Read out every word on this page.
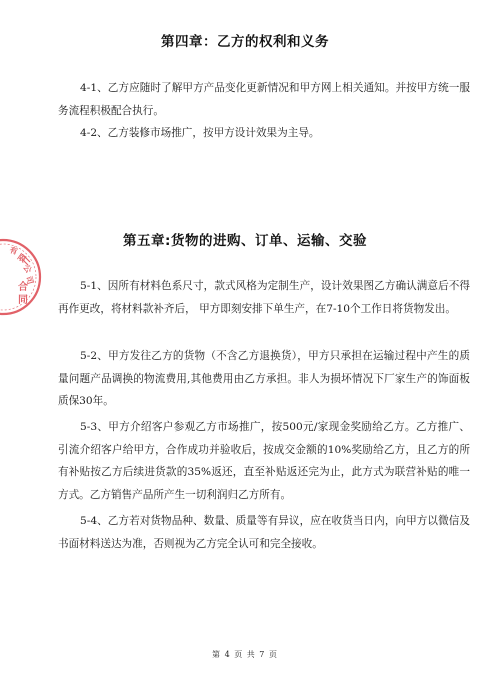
有
限
公
司
合
同
第四章：乙方的权利和义务

4-1、乙方应随时了解甲方产品变化更新情况和甲方网上相关通知。并按甲方统一服务流程积极配合执行。

4-2、乙方装修市场推广，按甲方设计效果为主导。

第五章:货物的进购、订单、运输、交验

5-1、因所有材料色系尺寸，款式风格为定制生产，设计效果图乙方确认满意后不得再作更改，将材料款补齐后， 甲方即刻安排下单生产，在7-10个工作日将货物发出。

5-2、甲方发往乙方的货物（不含乙方退换货），甲方只承担在运输过程中产生的质量问题产品调换的物流费用,其他费用由乙方承担。非人为损坏情况下厂家生产的饰面板质保30年。

5-3、甲方介绍客户参观乙方市场推广，按500元/家现金奖励给乙方。乙方推广、引流介绍客户给甲方，合作成功并验收后，按成交金额的10%奖励给乙方，且乙方的所有补贴按乙方后续进货款的35%返还，直至补贴返还完为止，此方式为联营补贴的唯一方式。乙方销售产品所产生一切利润归乙方所有。

5-4、乙方若对货物品种、数量、质量等有异议，应在收货当日内，向甲方以微信及书面材料送达为准，否则视为乙方完全认可和完全接收。

第 4 页 共 7 页
